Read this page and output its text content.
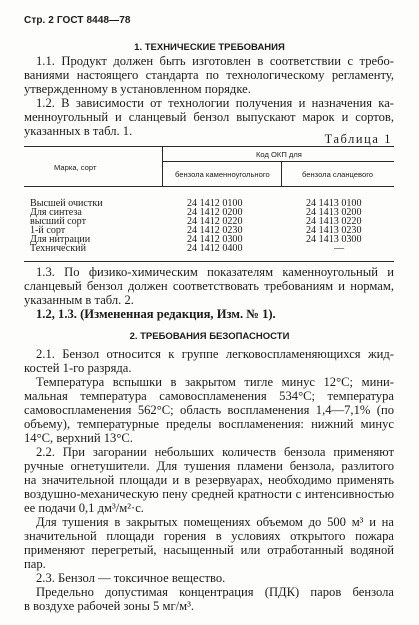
Стр. 2 ГОСТ 8448—78
1. ТЕХНИЧЕСКИЕ ТРЕБОВАНИЯ
1.1. Продукт должен быть изготовлен в соответствии с требо-
ваниями настоящего стандарта по технологическому регламенту,
утвержденному в установленном порядке.
1.2. В зависимости от технологии получения и назначения ка-
менноугольный и сланцевый бензол выпускают марок и сортов,
указанных в табл. 1.
Таблица 1
Марка, сорт
Код ОКП для
бензола каменноугольного	бензола сланцевого
Высшей очистки
Для синтеза
высший сорт
1-й сорт
Для нитрации
Технический
24 1412 0100
24 1412 0200
24 1412 0220
24 1412 0230
24 1412 0300
24 1412 0400
24 1413 0100
24 1413 0200
24 1413 0220
24 1413 0230
24 1413 0300
—
1.3. По физико-химическим показателям каменноугольный и
сланцевый бензол должен соответствовать требованиям и нормам,
указанным в табл. 2.
1.2, 1.3. (Измененная редакция, Изм. № 1).
2. ТРЕБОВАНИЯ БЕЗОПАСНОСТИ
2.1. Бензол относится к группе легковоспламеняющихся жид-
костей 1-го разряда.
Температура вспышки в закрытом тигле минус 12°С; мини-
мальная температура самовоспламенения 534°С; температура
самовоспламенения 562°С; область воспламенения 1,4—7,1% (по
объему), температурные пределы воспламенения: нижний минус
14°С, верхний 13°С.
2.2. При загорании небольших количеств бензола применяют
ручные огнетушители. Для тушения пламени бензола, разлитого
на значительной площади и в резервуарах, необходимо применять
воздушно-механическую пену средней кратности с интенсивностью
ее подачи 0,1 дм³/м²·с.
Для тушения в закрытых помещениях объемом до 500 м³ и на
значительной площади горения в условиях открытого пожара
применяют перегретый, насыщенный или отработанный водяной
пар.
2.3. Бензол — токсичное вещество.
Предельно допустимая концентрация (ПДК) паров бензола
в воздухе рабочей зоны 5 мг/м³.
